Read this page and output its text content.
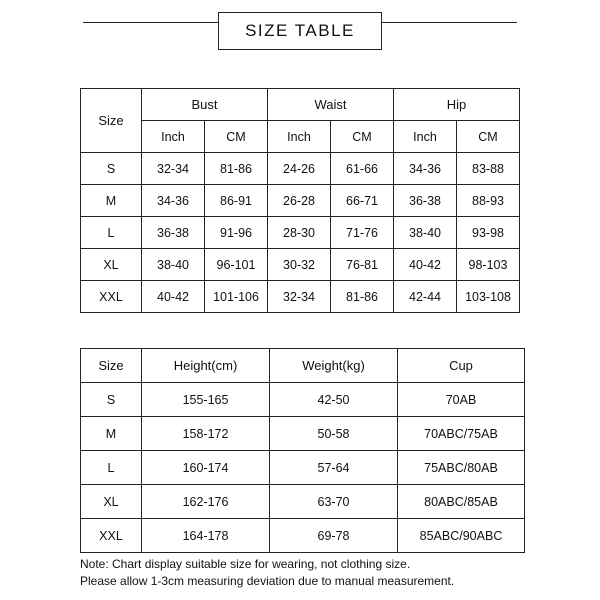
SIZE TABLE
Size	Bust		Waist		Hip	
	Inch	CM	Inch	CM	Inch	CM
S	32-34	81-86	24-26	61-66	34-36	83-88
M	34-36	86-91	26-28	66-71	36-38	88-93
L	36-38	91-96	28-30	71-76	38-40	93-98
XL	38-40	96-101	30-32	76-81	40-42	98-103
XXL	40-42	101-106	32-34	81-86	42-44	103-108
Size	Height(cm)	Weight(kg)	Cup
S	155-165	42-50	70AB
M	158-172	50-58	70ABC/75AB
L	160-174	57-64	75ABC/80AB
XL	162-176	63-70	80ABC/85AB
XXL	164-178	69-78	85ABC/90ABC
Note: Chart display suitable size for wearing, not clothing size.
Please allow 1-3cm measuring deviation due to manual measurement.
